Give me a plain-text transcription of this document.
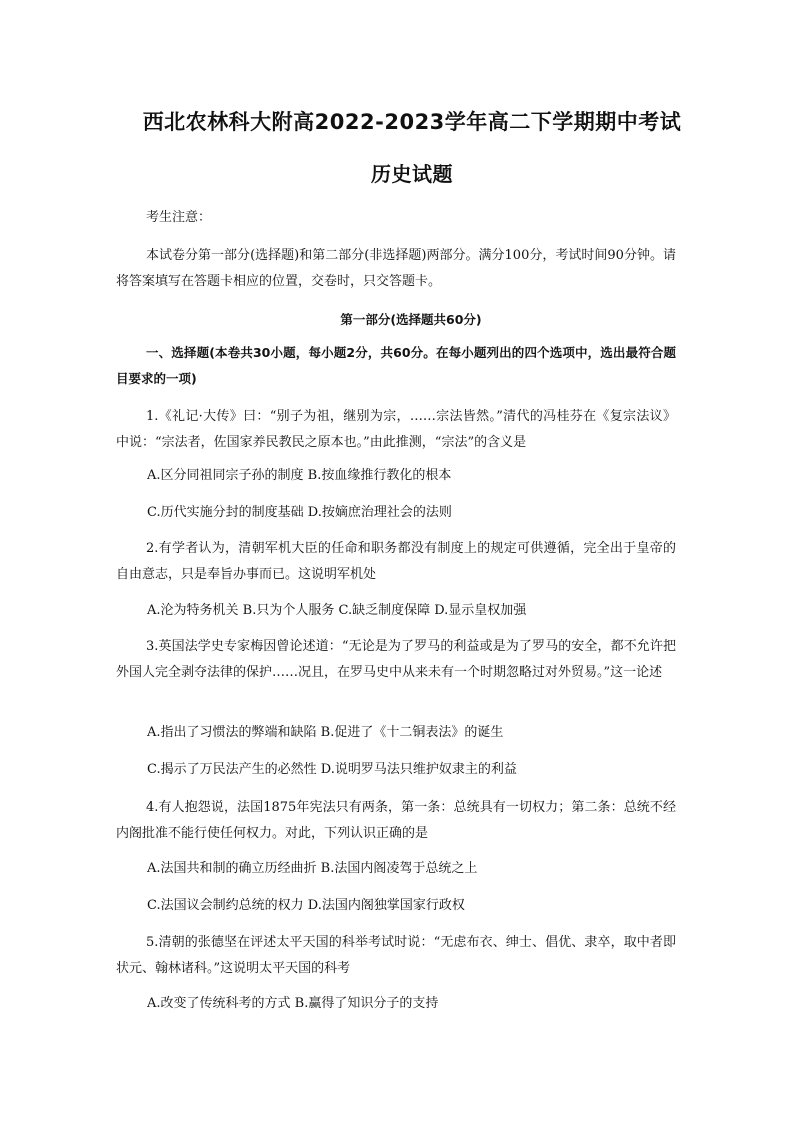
西北农林科大附高2022-2023学年高二下学期期中考试
历史试题
考生注意：
本试卷分第一部分(选择题)和第二部分(非选择题)两部分。满分100分，考试时间90分钟。请将答案填写在答题卡相应的位置，交卷时，只交答题卡。
第一部分(选择题共60分)
一、选择题(本卷共30小题，每小题2分，共60分。在每小题列出的四个选项中，选出最符合题目要求的一项)
1.《礼记·大传》曰：“别子为祖，继别为宗，……宗法皆然。”清代的冯桂芬在《复宗法议》中说：“宗法者，佐国家养民教民之原本也。”由此推测，“宗法”的含义是
A.区分同祖同宗子孙的制度 B.按血缘推行教化的根本
C.历代实施分封的制度基础 D.按嫡庶治理社会的法则
2.有学者认为，清朝军机大臣的任命和职务都没有制度上的规定可供遵循，完全出于皇帝的自由意志，只是奉旨办事而已。这说明军机处
A.沦为特务机关 B.只为个人服务 C.缺乏制度保障 D.显示皇权加强
3.英国法学史专家梅因曾论述道：“无论是为了罗马的利益或是为了罗马的安全，都不允许把外国人完全剥夺法律的保护……况且，在罗马史中从来未有一个时期忽略过对外贸易。”这一论述
A.指出了习惯法的弊端和缺陷 B.促进了《十二铜表法》的诞生
C.揭示了万民法产生的必然性 D.说明罗马法只维护奴隶主的利益
4.有人抱怨说，法国1875年宪法只有两条，第一条：总统具有一切权力；第二条：总统不经内阁批准不能行使任何权力。对此，下列认识正确的是
A.法国共和制的确立历经曲折 B.法国内阁凌驾于总统之上
C.法国议会制约总统的权力 D.法国内阁独掌国家行政权
5.清朝的张德坚在评述太平天国的科举考试时说：“无虑布衣、绅士、倡优、隶卒，取中者即状元、翰林诸科。”这说明太平天国的科考
A.改变了传统科考的方式 B.赢得了知识分子的支持
